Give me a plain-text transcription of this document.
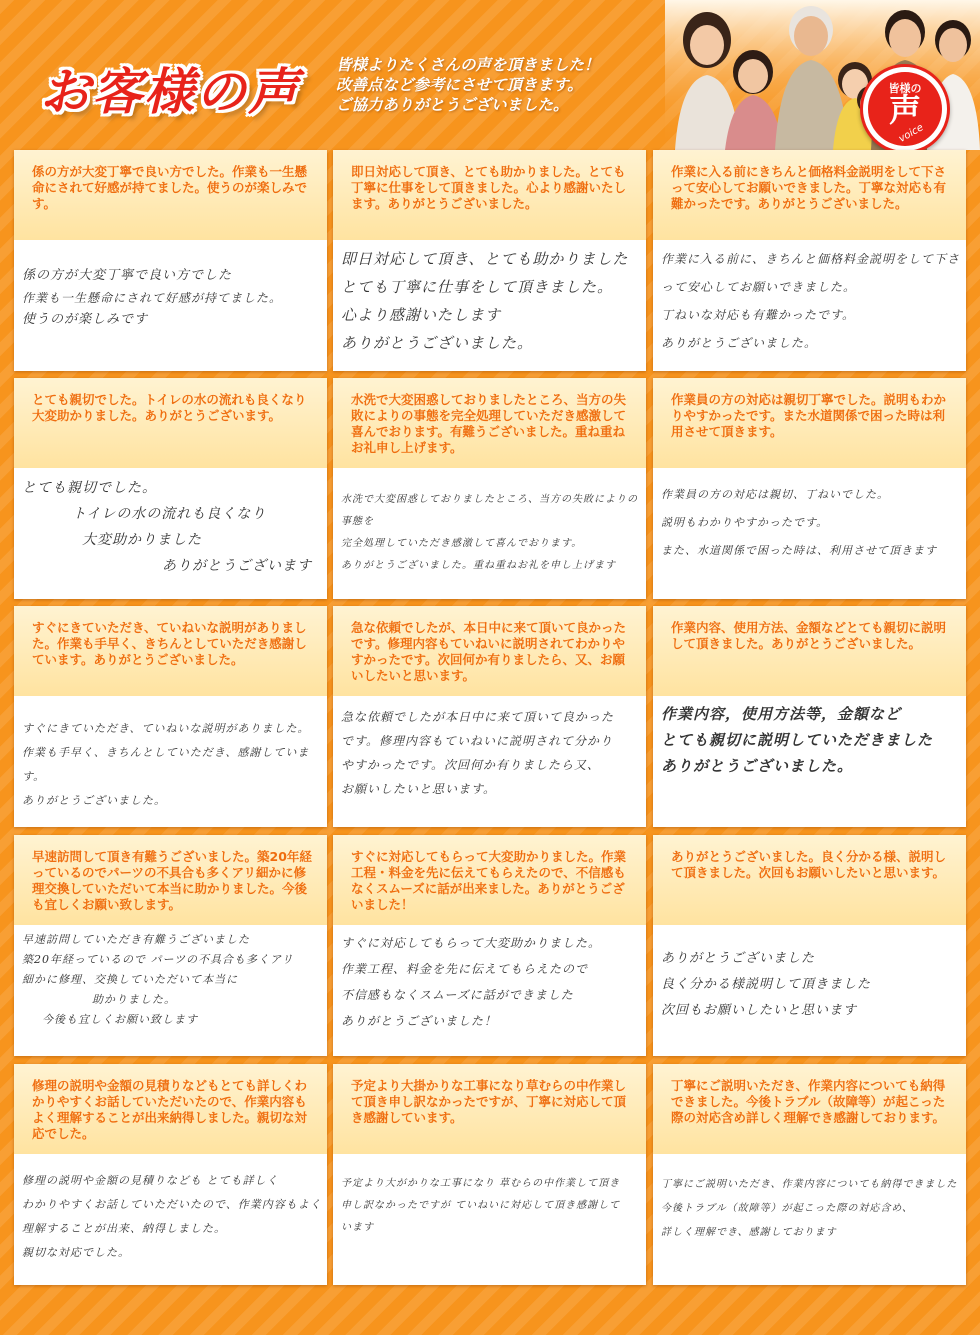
お客様の声 皆様よりたくさんの声を頂きました！
改善点など参考にさせて頂きます。
ご協力ありがとうございました。
皆様の
声
voice
係の方が大変丁寧で良い方でした。作業も一生懸命にされて好感が持てました。使うのが楽しみです。
係の方が大変丁寧で良い方でした
作業も一生懸命にされて好感が持てました。
使うのが楽しみです
即日対応して頂き、とても助かりました。とても丁寧に仕事をして頂きました。心より感謝いたします。ありがとうございました。
即日対応して頂き、とても助かりました
とても丁寧に仕事をして頂きました。
心より感謝いたします
ありがとうございました。
作業に入る前にきちんと価格料金説明をして下さって安心してお願いできました。丁寧な対応も有難かったです。ありがとうございました。
作業に入る前に、きちんと価格料金説明をして下さって安心してお願いできました。
丁ねいな対応も有難かったです。
ありがとうございました。
とても親切でした。トイレの水の流れも良くなり大変助かりました。ありがとうございます。
とても親切でした。
トイレの水の流れも良くなり
大変助かりました
ありがとうございます
水洗で大変困惑しておりましたところ、当方の失敗によりの事態を完全処理していただき感激して喜んでおります。有難うございました。重ね重ねお礼申し上げます。
水洗で大変困惑しておりましたところ、当方の失敗によりの事態を
完全処理していただき感激して喜んでおります。
ありがとうございました。重ね重ねお礼を申し上げます
作業員の方の対応は親切丁寧でした。説明もわかりやすかったです。また水道関係で困った時は利用させて頂きます。
作業員の方の対応は親切、丁ねいでした。
説明もわかりやすかったです。
また、水道関係で困った時は、利用させて頂きます
すぐにきていただき、ていねいな説明がありました。作業も手早く、きちんとしていただき感謝しています。ありがとうございました。
すぐにきていただき、ていねいな説明がありました。
作業も手早く、きちんとしていただき、感謝しています。
ありがとうございました。
急な依頼でしたが、本日中に来て頂いて良かったです。修理内容もていねいに説明されてわかりやすかったです。次回何か有りましたら、又、お願いしたいと思います。
急な依頼でしたが本日中に来て頂いて良かった
です。修理内容もていねいに説明されて分かり
やすかったです。次回何か有りましたら又、
お願いしたいと思います。
作業内容、使用方法、金額などとても親切に説明して頂きました。ありがとうございました。
作業内容，使用方法等，金額など
とても親切に説明していただきました
ありがとうございました。
早速訪問して頂き有難うございました。築20年経っているのでパーツの不具合も多くアリ細かに修理交換していただいて本当に助かりました。今後も宜しくお願い致します。
早速訪問していただき有難うございました
築20年経っているので パーツの不具合も多くアリ
細かに修理、交換していただいて本当に
助かりました。
今後も宜しくお願い致します
すぐに対応してもらって大変助かりました。作業工程・料金を先に伝えてもらえたので、不信感もなくスムーズに話が出来ました。ありがとうございました！
すぐに対応してもらって大変助かりました。
作業工程、料金を先に伝えてもらえたので
不信感もなくスムーズに話ができました
ありがとうございました！
ありがとうございました。良く分かる様、説明して頂きました。次回もお願いしたいと思います。
ありがとうございました
良く分かる様説明して頂きました
次回もお願いしたいと思います
修理の説明や金額の見積りなどもとても詳しくわかりやすくお話していただいたので、作業内容もよく理解することが出来納得しました。親切な対応でした。
修理の説明や金額の見積りなども とても詳しく
わかりやすくお話していただいたので、作業内容もよく
理解することが出来、納得しました。
親切な対応でした。
予定より大掛かりな工事になり草むらの中作業して頂き申し訳なかったですが、丁寧に対応して頂き感謝しています。
予定より大がかりな工事になり 草むらの中作業して頂き
申し訳なかったですが ていねいに対応して頂き感謝して
います
丁寧にご説明いただき、作業内容についても納得できました。今後トラブル（故障等）が起こった際の対応含め詳しく理解でき感謝しております。
丁寧にご説明いただき、作業内容についても納得できました
今後トラブル（故障等）が起こった際の対応含め、
詳しく理解でき、感謝しております
